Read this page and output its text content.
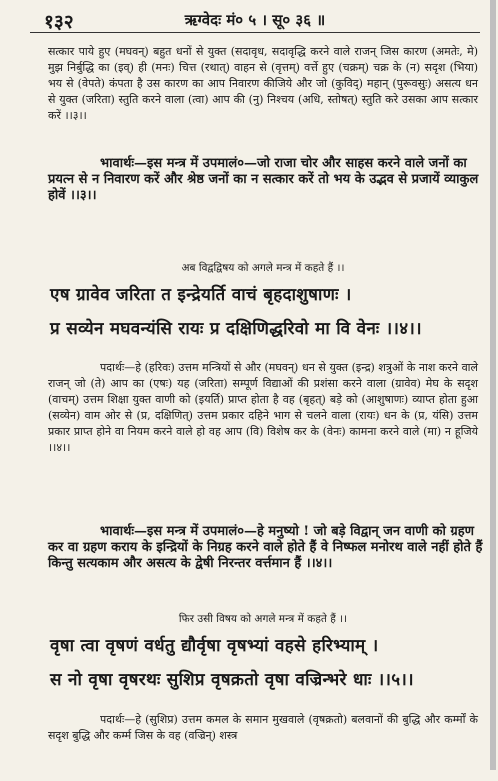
१३२	ऋग्वेदः मं० ५ । सू० ३६ ॥
सत्कार पाये हुए (मघवन्) बहुत धनों से युक्त (सदावृध, सदावृद्धि करने वाले राजन् जिस कारण (अमतेः, मे) मुझ निर्बुद्धि का (इव्) ही (मनः) चित्त (रथात्) वाहन से (वृत्तम्) वर्त्ते हुए (चक्रम्) चक्र के (न) सदृश (भिया) भय से (वेपते) कंपता है उस कारण का आप निवारण कीजिये और जो (कुविद्) महान् (पुरूवसुः) असत्य धन से युक्त (जरिता) स्तुति करने वाला (त्वा) आप की (नु) निश्चय (अधि, स्तोषत्) स्तुति करे उसका आप सत्कार करें ।।३।।
भावार्थः—इस मन्त्र में उपमालं०—जो राजा चोर और साहस करने वाले जनों का प्रयत्न से न निवारण करें और श्रेष्ठ जनों का न सत्कार करें तो भय के उद्भव से प्रजायें व्याकुल होवें ।।३।।
अब विद्वद्विषय को अगले मन्त्र में कहते हैं ।।
एष ग्रावेव जरिता त इन्द्रेयर्ति वाचं बृहदाशुषाणः ।
प्र सव्येन मघवन्यंसि रायः प्र दक्षिणिद्धरिवो मा वि वेनः ।।४।।
पदार्थः—हे (हरिवः) उत्तम मन्त्रियों से और (मघवन्) धन से युक्त (इन्द्र) शत्रुओं के नाश करने वाले राजन् जो (ते) आप का (एषः) यह (जरिता) सम्पूर्ण विद्याओं की प्रशंसा करने वाला (ग्रावेव) मेघ के सदृश (वाचम्) उत्तम शिक्षा युक्त वाणी को (इयर्ति) प्राप्त होता है वह (बृहत्) बड़े को (आशुषाणः) व्याप्त होता हुआ (सव्येन) वाम ओर से (प्र, दक्षिणित्) उत्तम प्रकार दहिने भाग से चलने वाला (रायः) धन के (प्र, यंसि) उत्तम प्रकार प्राप्त होने वा नियम करने वाले हो वह आप (वि) विशेष कर के (वेनः) कामना करने वाले (मा) न हूजिये ।।४।।
भावार्थः—इस मन्त्र में उपमालं०—हे मनुष्यो ! जो बड़े विद्वान् जन वाणी को ग्रहण कर वा ग्रहण कराय के इन्द्रियों के निग्रह करने वाले होते हैं वे निष्फल मनोरथ वाले नहीं होते हैं किन्तु सत्यकाम और असत्य के द्वेषी निरन्तर वर्त्तमान हैं ।।४।।
फिर उसी विषय को अगले मन्त्र में कहते हैं ।।
वृषा त्वा वृषणं वर्धतु द्यौर्वृषा वृषभ्यां वहसे हरिभ्याम् ।
स नो वृषा वृषरथः सुशिप्र वृषक्रतो वृषा वज्रिन्भरे धाः ।।५।।
पदार्थः—हे (सुशिप्र) उत्तम कमल के समान मुखवाले (वृषक्रतो) बलवानों की बुद्धि और कर्म्मों के सदृश बुद्धि और कर्म्म जिस के वह (वज्रिन्) शस्त्र
